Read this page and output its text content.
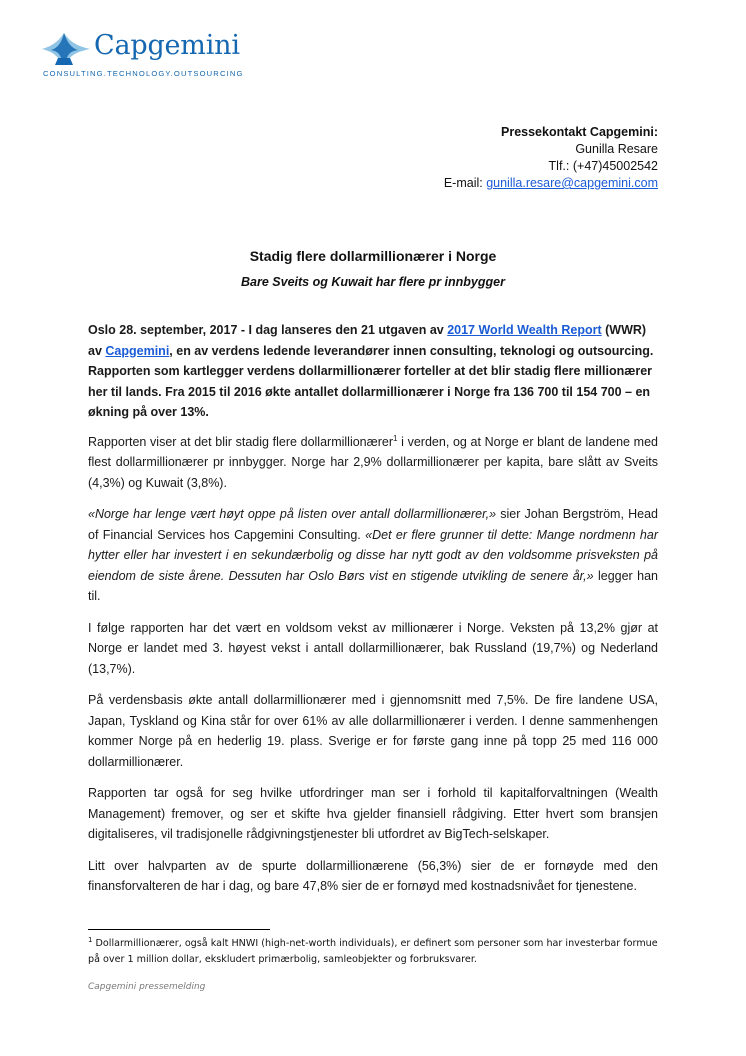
Capgemini
CONSULTING.TECHNOLOGY.OUTSOURCING
Pressekontakt Capgemini:
Gunilla Resare
Tlf.: (+47)45002542
E-mail: gunilla.resare@capgemini.com
Stadig flere dollarmillionærer i Norge
Bare Sveits og Kuwait har flere pr innbygger

Oslo 28. september, 2017 - I dag lanseres den 21 utgaven av 2017 World Wealth Report (WWR) av Capgemini, en av verdens ledende leverandører innen consulting, teknologi og outsourcing. Rapporten som kartlegger verdens dollarmillionærer forteller at det blir stadig flere millionærer her til lands. Fra 2015 til 2016 økte antallet dollarmillionærer i Norge fra 136 700 til 154 700 – en økning på over 13%.

Rapporten viser at det blir stadig flere dollarmillionærer$^1$ i verden, og at Norge er blant de landene med flest dollarmillionærer pr innbygger. Norge har 2,9% dollarmillionærer per kapita, bare slått av Sveits (4,3%) og Kuwait (3,8%).

«Norge har lenge vært høyt oppe på listen over antall dollarmillionærer,» sier Johan Bergström, Head of Financial Services hos Capgemini Consulting. «Det er flere grunner til dette: Mange nordmenn har hytter eller har investert i en sekundærbolig og disse har nytt godt av den voldsomme prisveksten på eiendom de siste årene. Dessuten har Oslo Børs vist en stigende utvikling de senere år,» legger han til.

I følge rapporten har det vært en voldsom vekst av millionærer i Norge. Veksten på 13,2% gjør at Norge er landet med 3. høyest vekst i antall dollarmillionærer, bak Russland (19,7%) og Nederland (13,7%).

På verdensbasis økte antall dollarmillionærer med i gjennomsnitt med 7,5%. De fire landene USA, Japan, Tyskland og Kina står for over 61% av alle dollarmillionærer i verden. I denne sammenhengen kommer Norge på en hederlig 19. plass. Sverige er for første gang inne på topp 25 med 116 000 dollarmillionærer.

Rapporten tar også for seg hvilke utfordringer man ser i forhold til kapitalforvaltningen (Wealth Management) fremover, og ser et skifte hva gjelder finansiell rådgiving. Etter hvert som bransjen digitaliseres, vil tradisjonelle rådgivningstjenester bli utfordret av BigTech-selskaper.

Litt over halvparten av de spurte dollarmillionærene (56,3%) sier de er fornøyde med den finansforvalteren de har i dag, og bare 47,8% sier de er fornøyd med kostnadsnivået for tjenestene.

$^1$ Dollarmillionærer, også kalt HNWI (high-net-worth individuals), er definert som personer som har investerbar formue på over 1 million dollar, ekskludert primærbolig, samleobjekter og forbruksvarer.
Capgemini pressemelding
